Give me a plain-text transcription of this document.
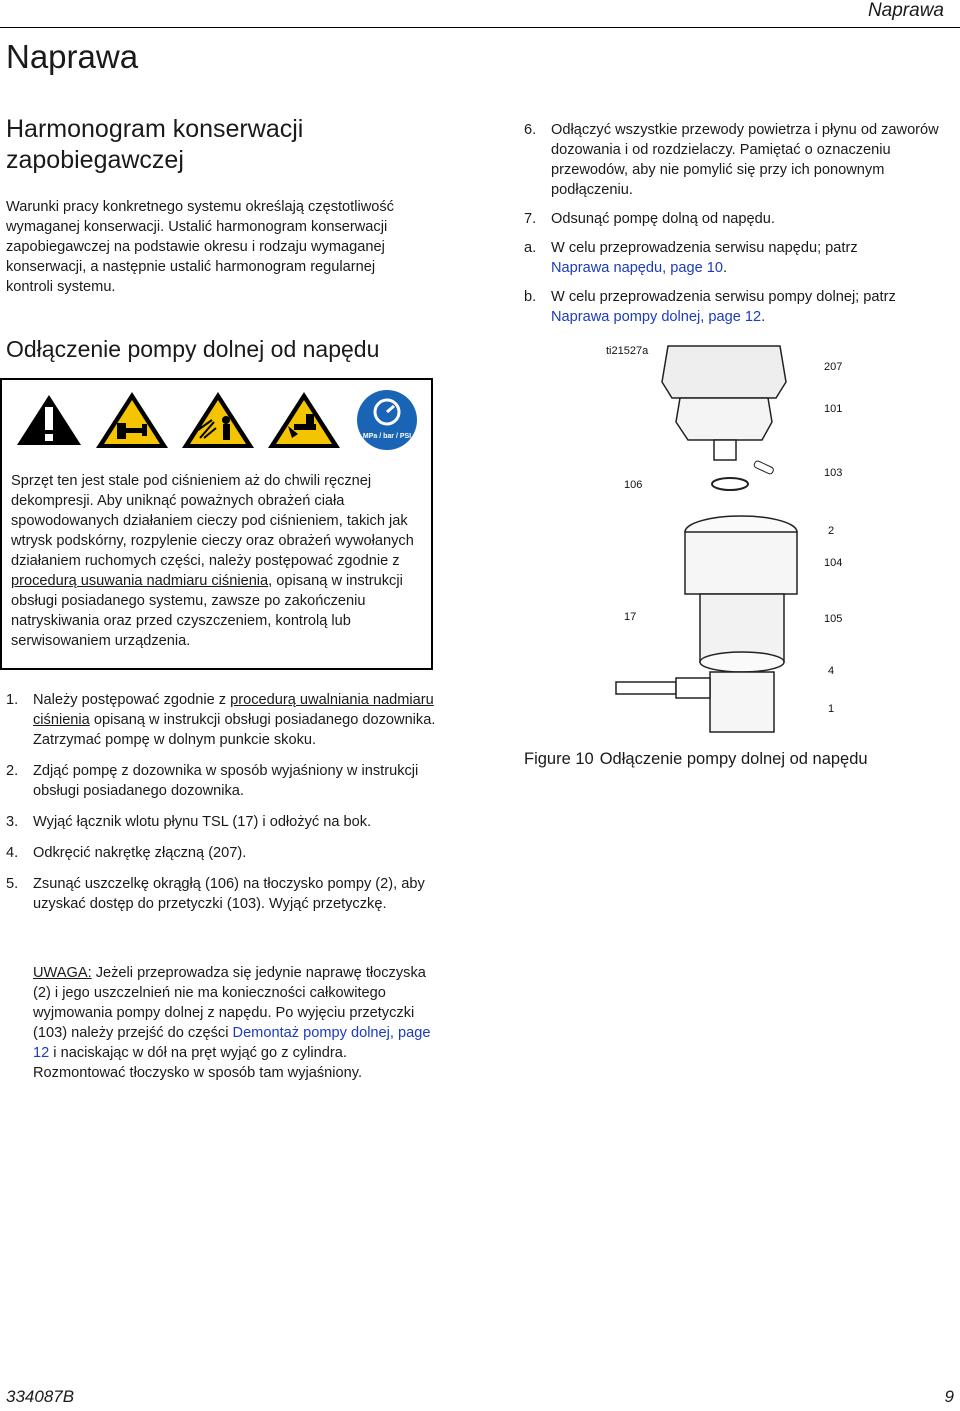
Naprawa
Naprawa
Harmonogram konserwacji zapobiegawczej
Warunki pracy konkretnego systemu określają częstotliwość wymaganej konserwacji. Ustalić harmonogram konserwacji zapobiegawczej na podstawie okresu i rodzaju wymaganej konserwacji, a następnie ustalić harmonogram regularnej kontroli systemu.
Odłączenie pompy dolnej od napędu
MPa / bar / PSI
Sprzęt ten jest stale pod ciśnieniem aż do chwili ręcznej dekompresji. Aby uniknąć poważnych obrażeń ciała spowodowanych działaniem cieczy pod ciśnieniem, takich jak wtrysk podskórny, rozpylenie cieczy oraz obrażeń wywołanych działaniem ruchomych części, należy postępować zgodnie z procedurą usuwania nadmiaru ciśnienia, opisaną w instrukcji obsługi posiadanego systemu, zawsze po zakończeniu natryskiwania oraz przed czyszczeniem, kontrolą lub serwisowaniem urządzenia.
1.	Należy postępować zgodnie z procedurą uwalniania nadmiaru ciśnienia opisaną w instrukcji obsługi posiadanego dozownika. Zatrzymać pompę w dolnym punkcie skoku.
2.	Zdjąć pompę z dozownika w sposób wyjaśniony w instrukcji obsługi posiadanego dozownika.
3.	Wyjąć łącznik wlotu płynu TSL (17) i odłożyć na bok.
4.	Odkręcić nakrętkę złączną (207).
5.	Zsunąć uszczelkę okrągłą (106) na tłoczysko pompy (2), aby uzyskać dostęp do przetyczki (103). Wyjąć przetyczkę.
UWAGA: Jeżeli przeprowadza się jedynie naprawę tłoczyska (2) i jego uszczelnień nie ma konieczności całkowitego wyjmowania pompy dolnej z napędu. Po wyjęciu przetyczki (103) należy przejść do części Demontaż pompy dolnej, page 12 i naciskając w dół na pręt wyjąć go z cylindra. Rozmontować tłoczysko w sposób tam wyjaśniony.
6.	Odłączyć wszystkie przewody powietrza i płynu od zaworów dozowania i od rozdzielaczy. Pamiętać o oznaczeniu przewodów, aby nie pomylić się przy ich ponownym podłączeniu.
7.	Odsunąć pompę dolną od napędu.
a.	W celu przeprowadzenia serwisu napędu; patrz
Naprawa napędu, page 10.
b.	W celu przeprowadzenia serwisu pompy dolnej; patrz Naprawa pompy dolnej, page 12.
ti21527a
207
101
103
106
2
104
17	105
4
1
Figure 10 Odłączenie pompy dolnej od napędu
334087B	9
